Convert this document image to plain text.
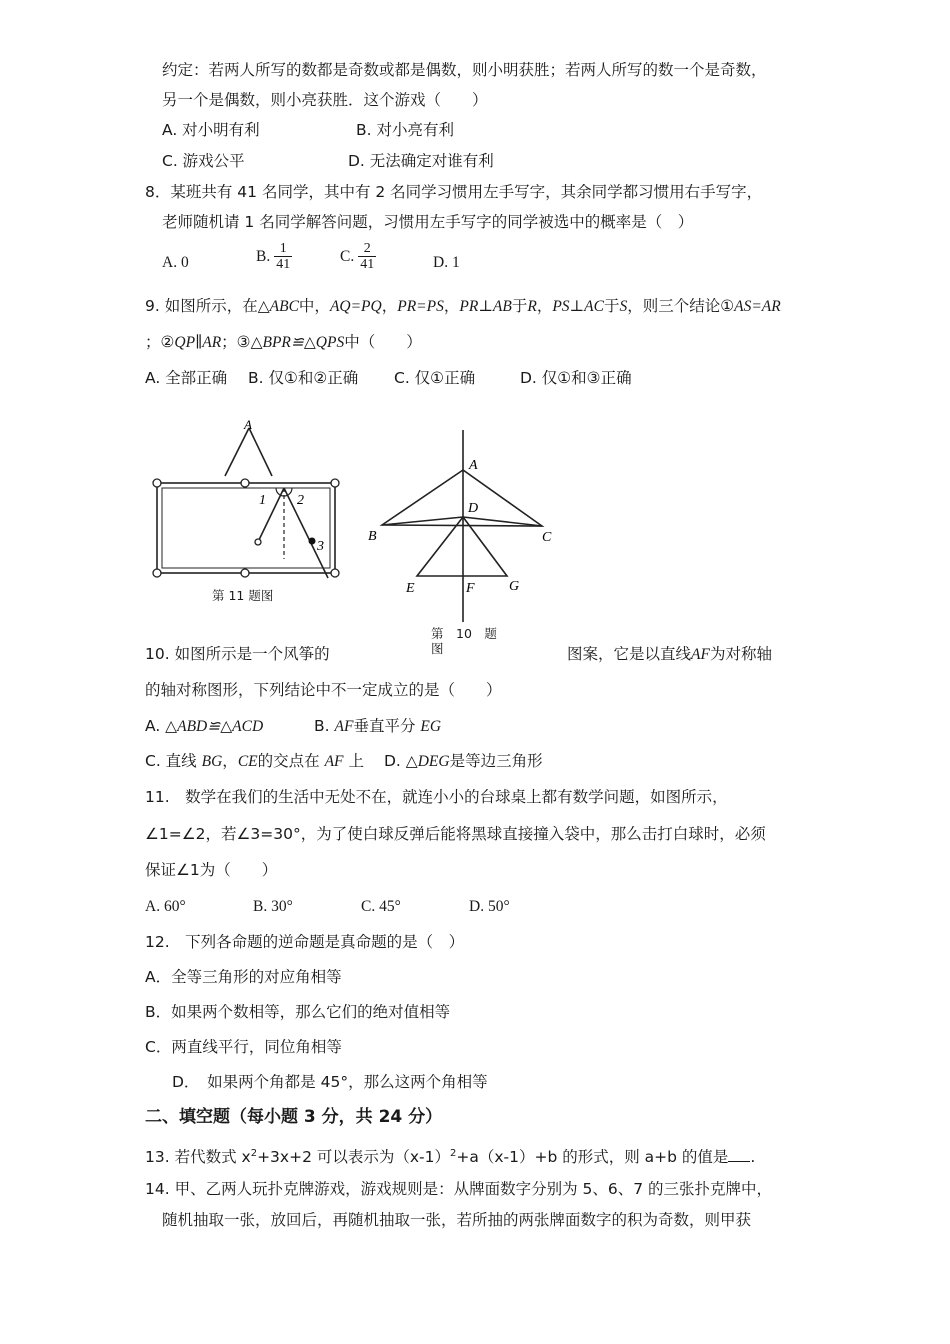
约定：若两人所写的数都是奇数或都是偶数，则小明获胜；若两人所写的数一个是奇数，
另一个是偶数，则小亮获胜．这个游戏（　　）
A. 对小明有利	B. 对小亮有利
C. 游戏公平	D. 无法确定对谁有利
8．某班共有 41 名同学，其中有 2 名同学习惯用左手写字，其余同学都习惯用右手写字，
老师随机请 1 名同学解答问题，习惯用左手写字的同学被选中的概率是（　）
A. 0	B. $\frac{1}{41}$	C. $\frac{2}{41}$	D. 1
9. 如图所示，在△ABC中，AQ=PQ，PR=PS，PR⊥AB于R，PS⊥AC于S，则三个结论①AS=AR
；②QP∥AR；③△BPR≌△QPS中（　　）
A. 全部正确 B. 仅①和②正确 C. 仅①正确	D. 仅①和③正确
A
1 2
3
第 11 题图
A
B	C
D
E	F G
第　10　题
图
10. 如图所示是一个风筝的	图案，它是以直线AF为对称轴
的轴对称图形，下列结论中不一定成立的是（　　）
A. △ABD≌△ACD	B. AF垂直平分 EG
C. 直线 BG，CE的交点在 AF 上 D. △DEG是等边三角形
11.　数学在我们的生活中无处不在，就连小小的台球桌上都有数学问题，如图所示，
∠1=∠2，若∠3=30°，为了使白球反弹后能将黑球直接撞入袋中，那么击打白球时，必须
保证∠1为（　　）
A. 60°	B. 30°	C. 45°	D. 50°
12.　下列各命题的逆命题是真命题的是（　）
A．全等三角形的对应角相等
B．如果两个数相等，那么它们的绝对值相等
C．两直线平行，同位角相等
D．　如果两个角都是 45°，那么这两个角相等
二、填空题（每小题 3 分，共 24 分）
13. 若代数式 $x^2+3x+2$ 可以表示为$(x-1)^2+a(x-1)+b$ 的形式，则 a+b 的值是 .
14. 甲、乙两人玩扑克牌游戏，游戏规则是：从牌面数字分别为 5、6、7 的三张扑克牌中，
随机抽取一张，放回后，再随机抽取一张，若所抽的两张牌面数字的积为奇数，则甲获
